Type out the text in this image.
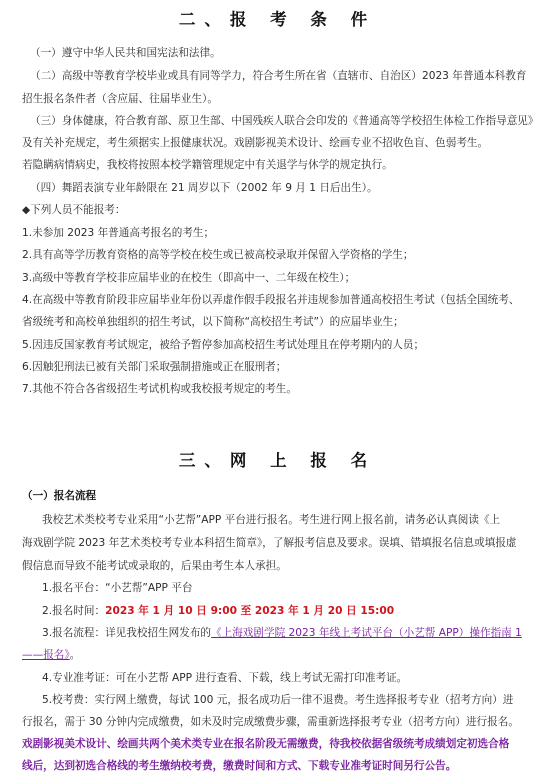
二、报 考 条 件
（一）遵守中华人民共和国宪法和法律。
（二）高级中等教育学校毕业或具有同等学力，符合考生所在省（直辖市、自治区）2023 年普通本科教育
招生报名条件者（含应届、往届毕业生）。
（三）身体健康，符合教育部、原卫生部、中国残疾人联合会印发的《普通高等学校招生体检工作指导意见》
及有关补充规定，考生须据实上报健康状况。戏剧影视美术设计、绘画专业不招收色盲、色弱考生。
若隐瞒病情病史，我校将按照本校学籍管理规定中有关退学与休学的规定执行。
（四）舞蹈表演专业年龄限在 21 周岁以下（2002 年 9 月 1 日后出生）。
◆下列人员不能报考：
1.未参加 2023 年普通高考报名的考生；
2.具有高等学历教育资格的高等学校在校生或已被高校录取并保留入学资格的学生；
3.高级中等教育学校非应届毕业的在校生（即高中一、二年级在校生）；
4.在高级中等教育阶段非应届毕业年份以弄虚作假手段报名并违规参加普通高校招生考试（包括全国统考、
省级统考和高校单独组织的招生考试，以下简称“高校招生考试”）的应届毕业生；
5.因违反国家教育考试规定，被给予暂停参加高校招生考试处理且在停考期内的人员；
6.因触犯刑法已被有关部门采取强制措施或正在服刑者；
7.其他不符合各省级招生考试机构或我校报考规定的考生。
三、网 上 报 名
（一）报名流程
我校艺术类校考专业采用“小艺帮”APP 平台进行报名。考生进行网上报名前，请务必认真阅读《上
海戏剧学院 2023 年艺术类校考专业本科招生简章》，了解报考信息及要求。误填、错填报名信息或填报虚
假信息而导致不能考试或录取的，后果由考生本人承担。
1.报名平台：“小艺帮”APP 平台
2.报名时间：2023 年 1 月 10 日 9:00 至 2023 年 1 月 20 日 15:00
3.报名流程：详见我校招生网发布的《上海戏剧学院 2023 年线上考试平台（小艺帮 APP）操作指南 1
——报名》。
4.专业准考证：可在小艺帮 APP 进行查看、下载，线上考试无需打印准考证。
5.校考费：实行网上缴费，每试 100 元，报名成功后一律不退费。考生选择报考专业（招考方向）进
行报名，需于 30 分钟内完成缴费，如未及时完成缴费步骤，需重新选择报考专业（招考方向）进行报名。
戏剧影视美术设计、绘画共两个美术类专业在报名阶段无需缴费，待我校依据省级统考成绩划定初选合格
线后，达到初选合格线的考生缴纳校考费，缴费时间和方式、下载专业准考证时间另行公告。
